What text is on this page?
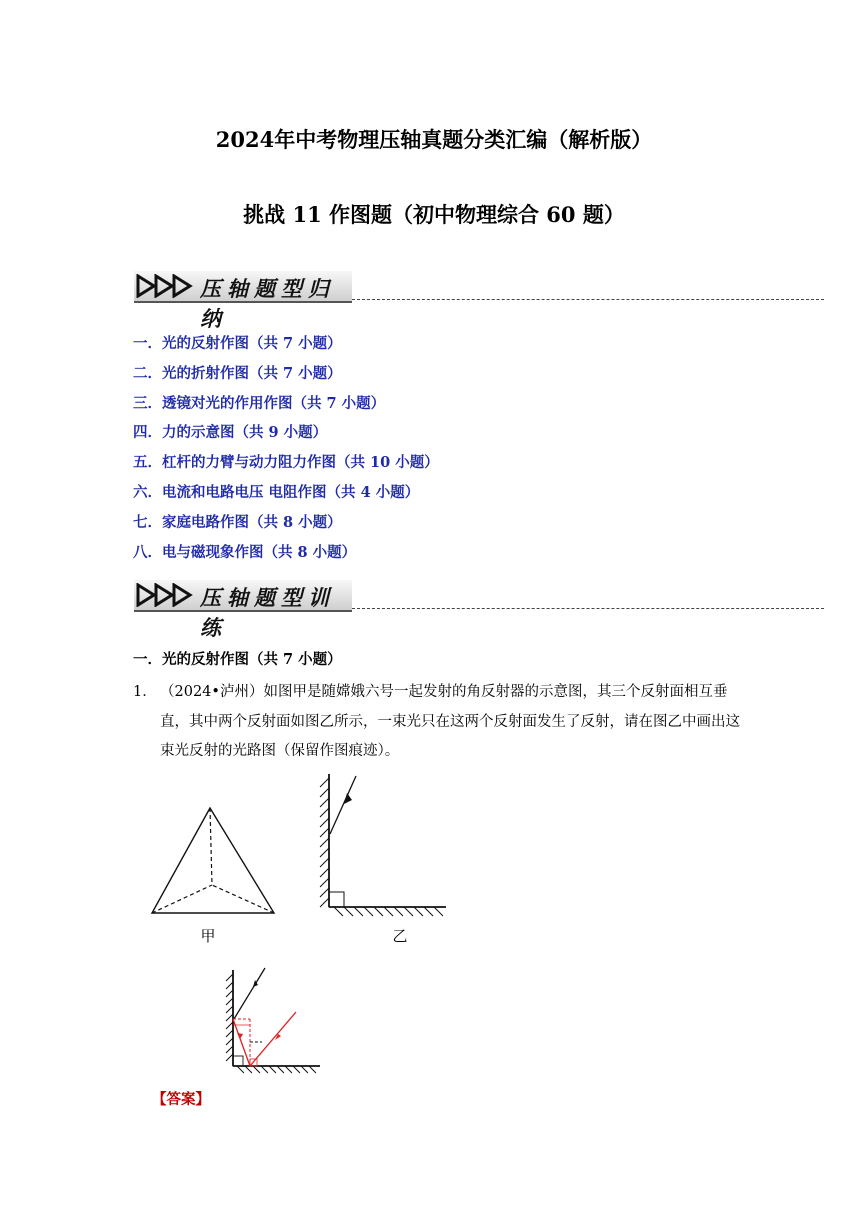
2024年中考物理压轴真题分类汇编（解析版）
挑战 11 作图题（初中物理综合 60 题）
压轴题型归纳
一．光的反射作图（共 7 小题）
二．光的折射作图（共 7 小题）
三．透镜对光的作用作图（共 7 小题）
四．力的示意图（共 9 小题）
五．杠杆的力臂与动力阻力作图（共 10 小题）
六．电流和电路电压 电阻作图（共 4 小题）
七．家庭电路作图（共 8 小题）
八．电与磁现象作图（共 8 小题）
压轴题型训练
一．光的反射作图（共 7 小题）
1． （2024•泸州）如图甲是随嫦娥六号一起发射的角反射器的示意图，其三个反射面相互垂直，其中两个反射面如图乙所示，一束光只在这两个反射面发生了反射，请在图乙中画出这束光反射的光路图（保留作图痕迹）。
甲	乙
【答案】
